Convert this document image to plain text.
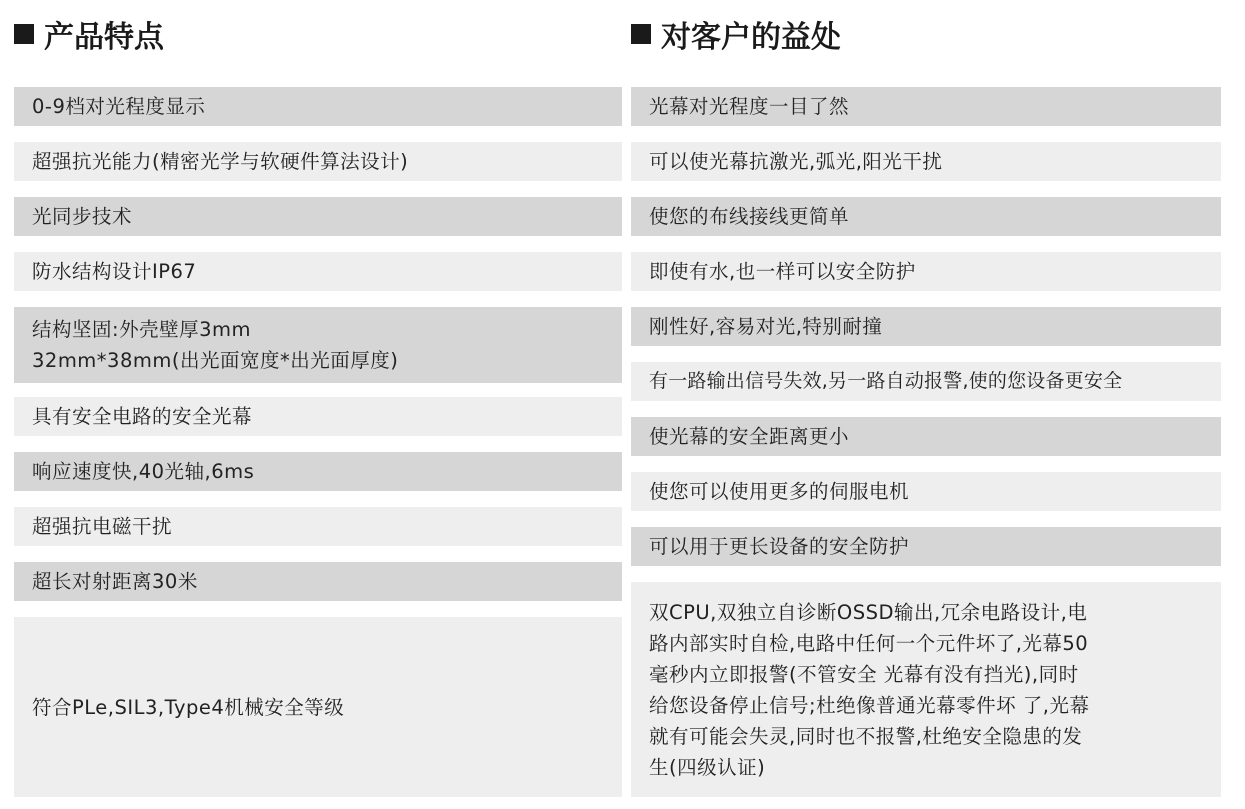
产品特点
0-9档对光程度显示
超强抗光能力(精密光学与软硬件算法设计)
光同步技术
防水结构设计IP67
结构坚固:外壳壁厚3mm
32mm*38mm(出光面宽度*出光面厚度)
具有安全电路的安全光幕
响应速度快,40光轴,6ms
超强抗电磁干扰
超长对射距离30米
符合PLe,SIL3,Type4机械安全等级
对客户的益处
光幕对光程度一目了然
可以使光幕抗激光,弧光,阳光干扰
使您的布线接线更简单
即使有水,也一样可以安全防护
刚性好,容易对光,特别耐撞
有一路输出信号失效,另一路自动报警,使的您设备更安全
使光幕的安全距离更小
使您可以使用更多的伺服电机
可以用于更长设备的安全防护
双CPU,双独立自诊断OSSD输出,冗余电路设计,电
路内部实时自检,电路中任何一个元件坏了,光幕50
毫秒内立即报警(不管安全 光幕有没有挡光),同时
给您设备停止信号;杜绝像普通光幕零件坏 了,光幕
就有可能会失灵,同时也不报警,杜绝安全隐患的发
生(四级认证)
